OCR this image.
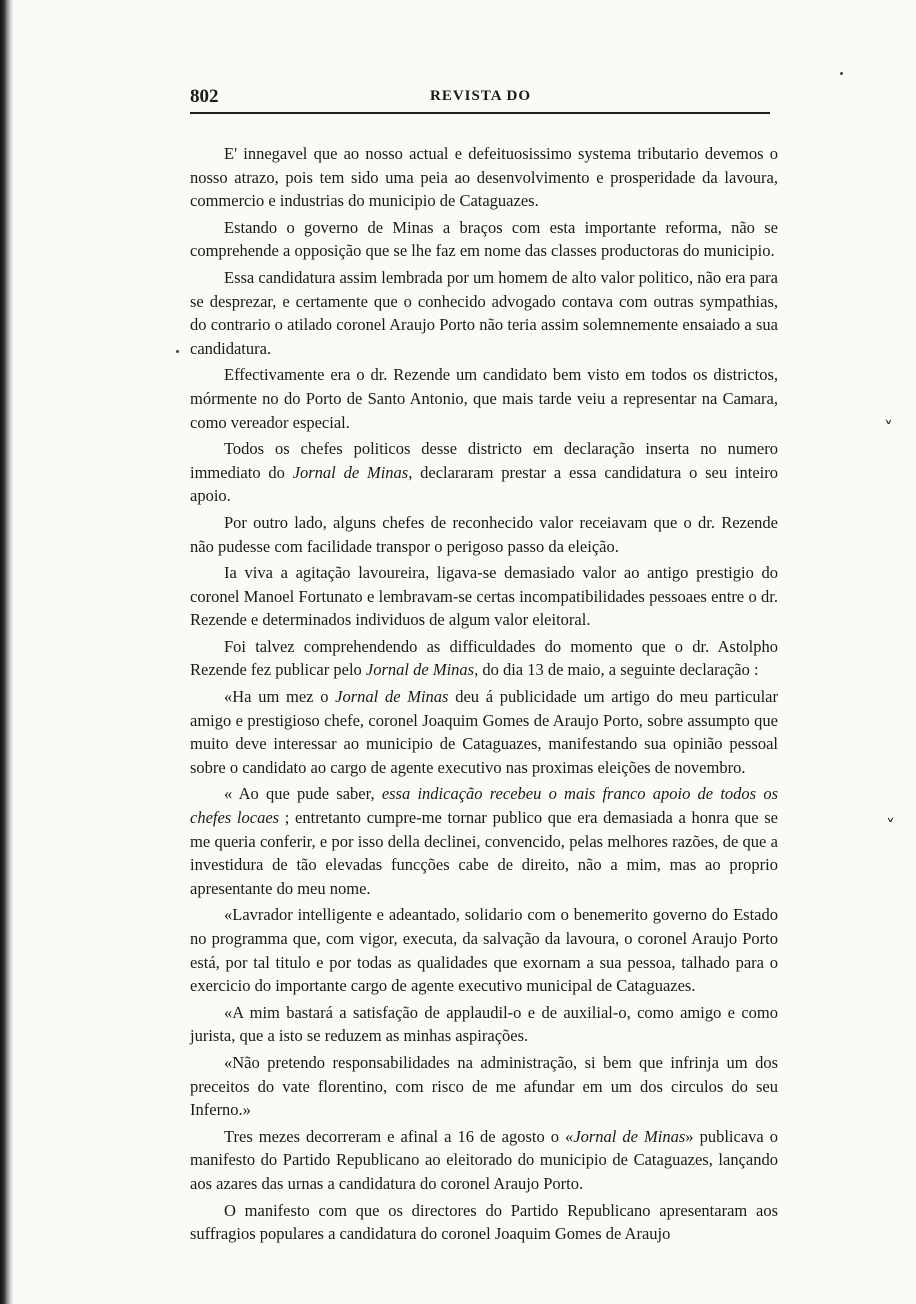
802	REVISTA DO

E' innegavel que ao nosso actual e defeituosissimo systema tributario devemos o nosso atrazo, pois tem sido uma peia ao desenvolvimento e prosperidade da lavoura, commercio e industrias do municipio de Cataguazes.

Estando o governo de Minas a braços com esta importante reforma, não se comprehende a opposição que se lhe faz em nome das classes productoras do municipio.

Essa candidatura assim lembrada por um homem de alto valor politico, não era para se desprezar, e certamente que o conhecido advogado contava com outras sympathias, do contrario o atilado coronel Araujo Porto não teria assim solemnemente ensaiado a sua candidatura.

Effectivamente era o dr. Rezende um candidato bem visto em todos os districtos, mórmente no do Porto de Santo Antonio, que mais tarde veiu a representar na Camara, como vereador especial.

Todos os chefes politicos desse districto em declaração inserta no numero immediato do Jornal de Minas, declararam prestar a essa candidatura o seu inteiro apoio.

Por outro lado, alguns chefes de reconhecido valor receiavam que o dr. Rezende não pudesse com facilidade transpor o perigoso passo da eleição.

Ia viva a agitação lavoureira, ligava-se demasiado valor ao antigo prestigio do coronel Manoel Fortunato e lembravam-se certas incompatibilidades pessoaes entre o dr. Rezende e determinados individuos de algum valor eleitoral.

Foi talvez comprehendendo as difficuldades do momento que o dr. Astolpho Rezende fez publicar pelo Jornal de Minas, do dia 13 de maio, a seguinte declaração :

«Ha um mez o Jornal de Minas deu á publicidade um artigo do meu particular amigo e prestigioso chefe, coronel Joaquim Gomes de Araujo Porto, sobre assumpto que muito deve interessar ao municipio de Cataguazes, manifestando sua opinião pessoal sobre o candidato ao cargo de agente executivo nas proximas eleições de novembro.

« Ao que pude saber, essa indicação recebeu o mais franco apoio de todos os chefes locaes ; entretanto cumpre-me tornar publico que era demasiada a honra que se me queria conferir, e por isso della declinei, convencido, pelas melhores razões, de que a investidura de tão elevadas funcções cabe de direito, não a mim, mas ao proprio apresentante do meu nome.

«Lavrador intelligente e adeantado, solidario com o benemerito governo do Estado no programma que, com vigor, executa, da salvação da lavoura, o coronel Araujo Porto está, por tal titulo e por todas as qualidades que exornam a sua pessoa, talhado para o exercicio do importante cargo de agente executivo municipal de Cataguazes.

«A mim bastará a satisfação de applaudil-o e de auxilial-o, como amigo e como jurista, que a isto se reduzem as minhas aspirações.

«Não pretendo responsabilidades na administração, si bem que infrinja um dos preceitos do vate florentino, com risco de me afundar em um dos circulos do seu Inferno.»

Tres mezes decorreram e afinal a 16 de agosto o «Jornal de Minas» publicava o manifesto do Partido Republicano ao eleitorado do municipio de Cataguazes, lançando aos azares das urnas a candidatura do coronel Araujo Porto.

O manifesto com que os directores do Partido Republicano apresentaram aos suffragios populares a candidatura do coronel Joaquim Gomes de Araujo

˅
˅
